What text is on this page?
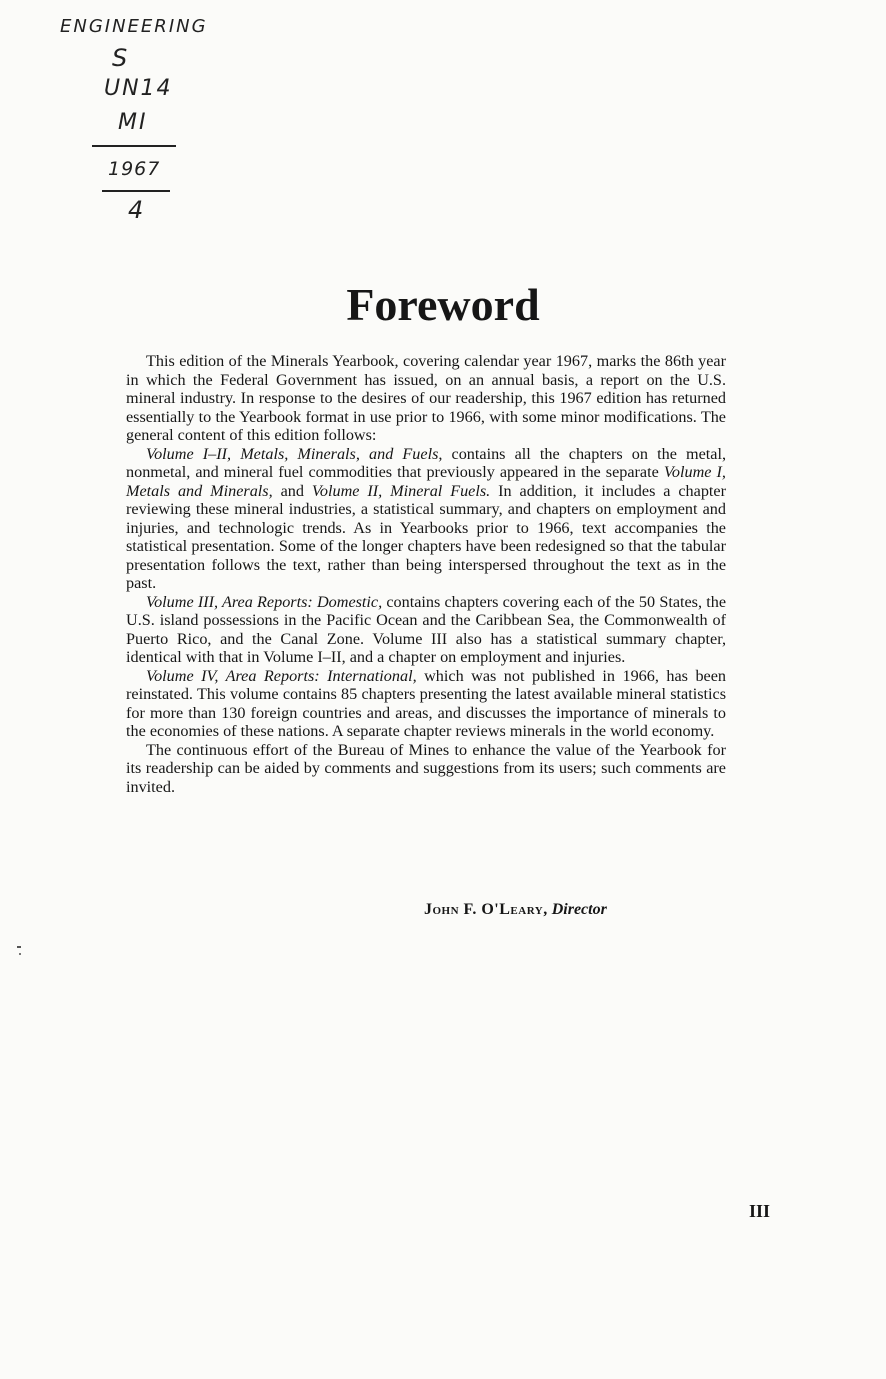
ENGINEERING
S
UN14
MI
1967
4
Foreword

This edition of the Minerals Yearbook, covering calendar year 1967, marks the 86th year in which the Federal Government has issued, on an annual basis, a report on the U.S. mineral industry. In response to the desires of our readership, this 1967 edition has returned essentially to the Yearbook format in use prior to 1966, with some minor modifications. The general content of this edition follows:

Volume I–II, Metals, Minerals, and Fuels, contains all the chapters on the metal, nonmetal, and mineral fuel commodities that previously appeared in the separate Volume I, Metals and Minerals, and Volume II, Mineral Fuels. In addition, it includes a chapter reviewing these mineral industries, a statistical summary, and chapters on employment and injuries, and technologic trends. As in Yearbooks prior to 1966, text accompanies the statistical presentation. Some of the longer chapters have been redesigned so that the tabular presentation follows the text, rather than being interspersed throughout the text as in the past.

Volume III, Area Reports: Domestic, contains chapters covering each of the 50 States, the U.S. island possessions in the Pacific Ocean and the Caribbean Sea, the Commonwealth of Puerto Rico, and the Canal Zone. Volume III also has a statistical summary chapter, identical with that in Volume I–II, and a chapter on employment and injuries.

Volume IV, Area Reports: International, which was not published in 1966, has been reinstated. This volume contains 85 chapters presenting the latest available mineral statistics for more than 130 foreign countries and areas, and discusses the importance of minerals to the economies of these nations. A separate chapter reviews minerals in the world economy.

The continuous effort of the Bureau of Mines to enhance the value of the Yearbook for its readership can be aided by comments and suggestions from its users; such comments are invited.

John F. O'Leary, Director
III
